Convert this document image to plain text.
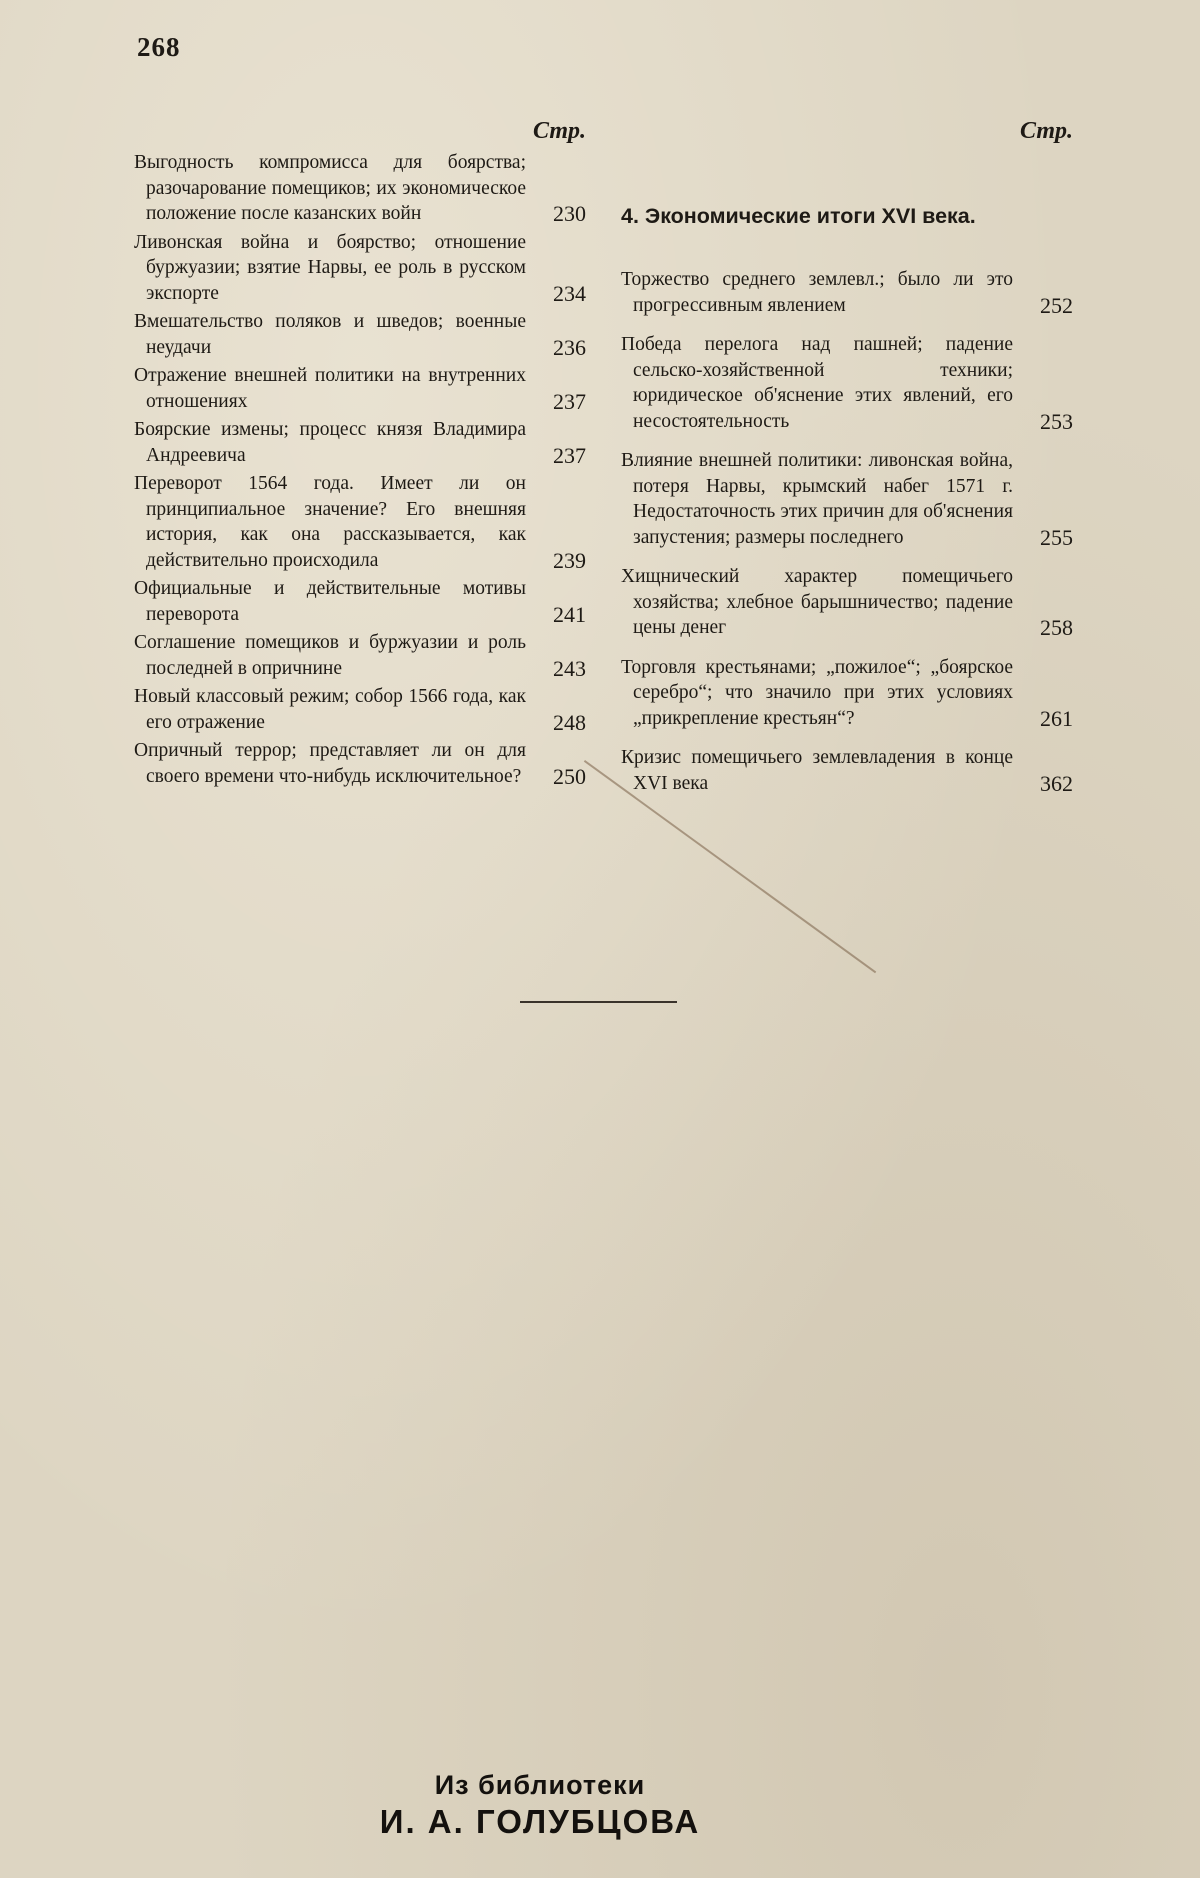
268
Стр.
Выгодность компромисса для боярства; разочарование помещиков; их экономическое положение после казанских войн	230
Ливонская война и боярство; отношение буржуазии; взятие Нарвы, ее роль в русском экспорте	234
Вмешательство поляков и шведов; военные неудачи	236
Отражение внешней политики на внутренних отношениях	237
Боярские измены; процесс князя Владимира Андреевича	237
Переворот 1564 года. Имеет ли он принципиальное значение? Его внешняя история, как она рассказывается, как действительно происходила	239
Официальные и действительные мотивы переворота	241
Соглашение помещиков и буржуазии и роль последней в опричнине	243
Новый классовый режим; собор 1566 года, как его отражение	248
Опричный террор; представляет ли он для своего времени что-нибудь исключительное?	250
Стр.
4. Экономические итоги XVI века.
Торжество среднего землевл.; было ли это прогрессивным явлением	252
Победа перелога над пашней; падение сельско-хозяйственной техники; юридическое об'яснение этих явлений, его несостоятельность	253
Влияние внешней политики: ливонская война, потеря Нарвы, крымский набег 1571 г. Недостаточность этих причин для об'яснения запустения; размеры последнего	255
Хищнический характер помещичьего хозяйства; хлебное барышничество; падение цены денег	258
Торговля крестьянами; „пожилое“; „боярское серебро“; что значило при этих условиях „прикрепление крестьян“?	261
Кризис помещичьего землевладения в конце XVI века	362
Из библиотеки
И. А. ГОЛУБЦОВА
